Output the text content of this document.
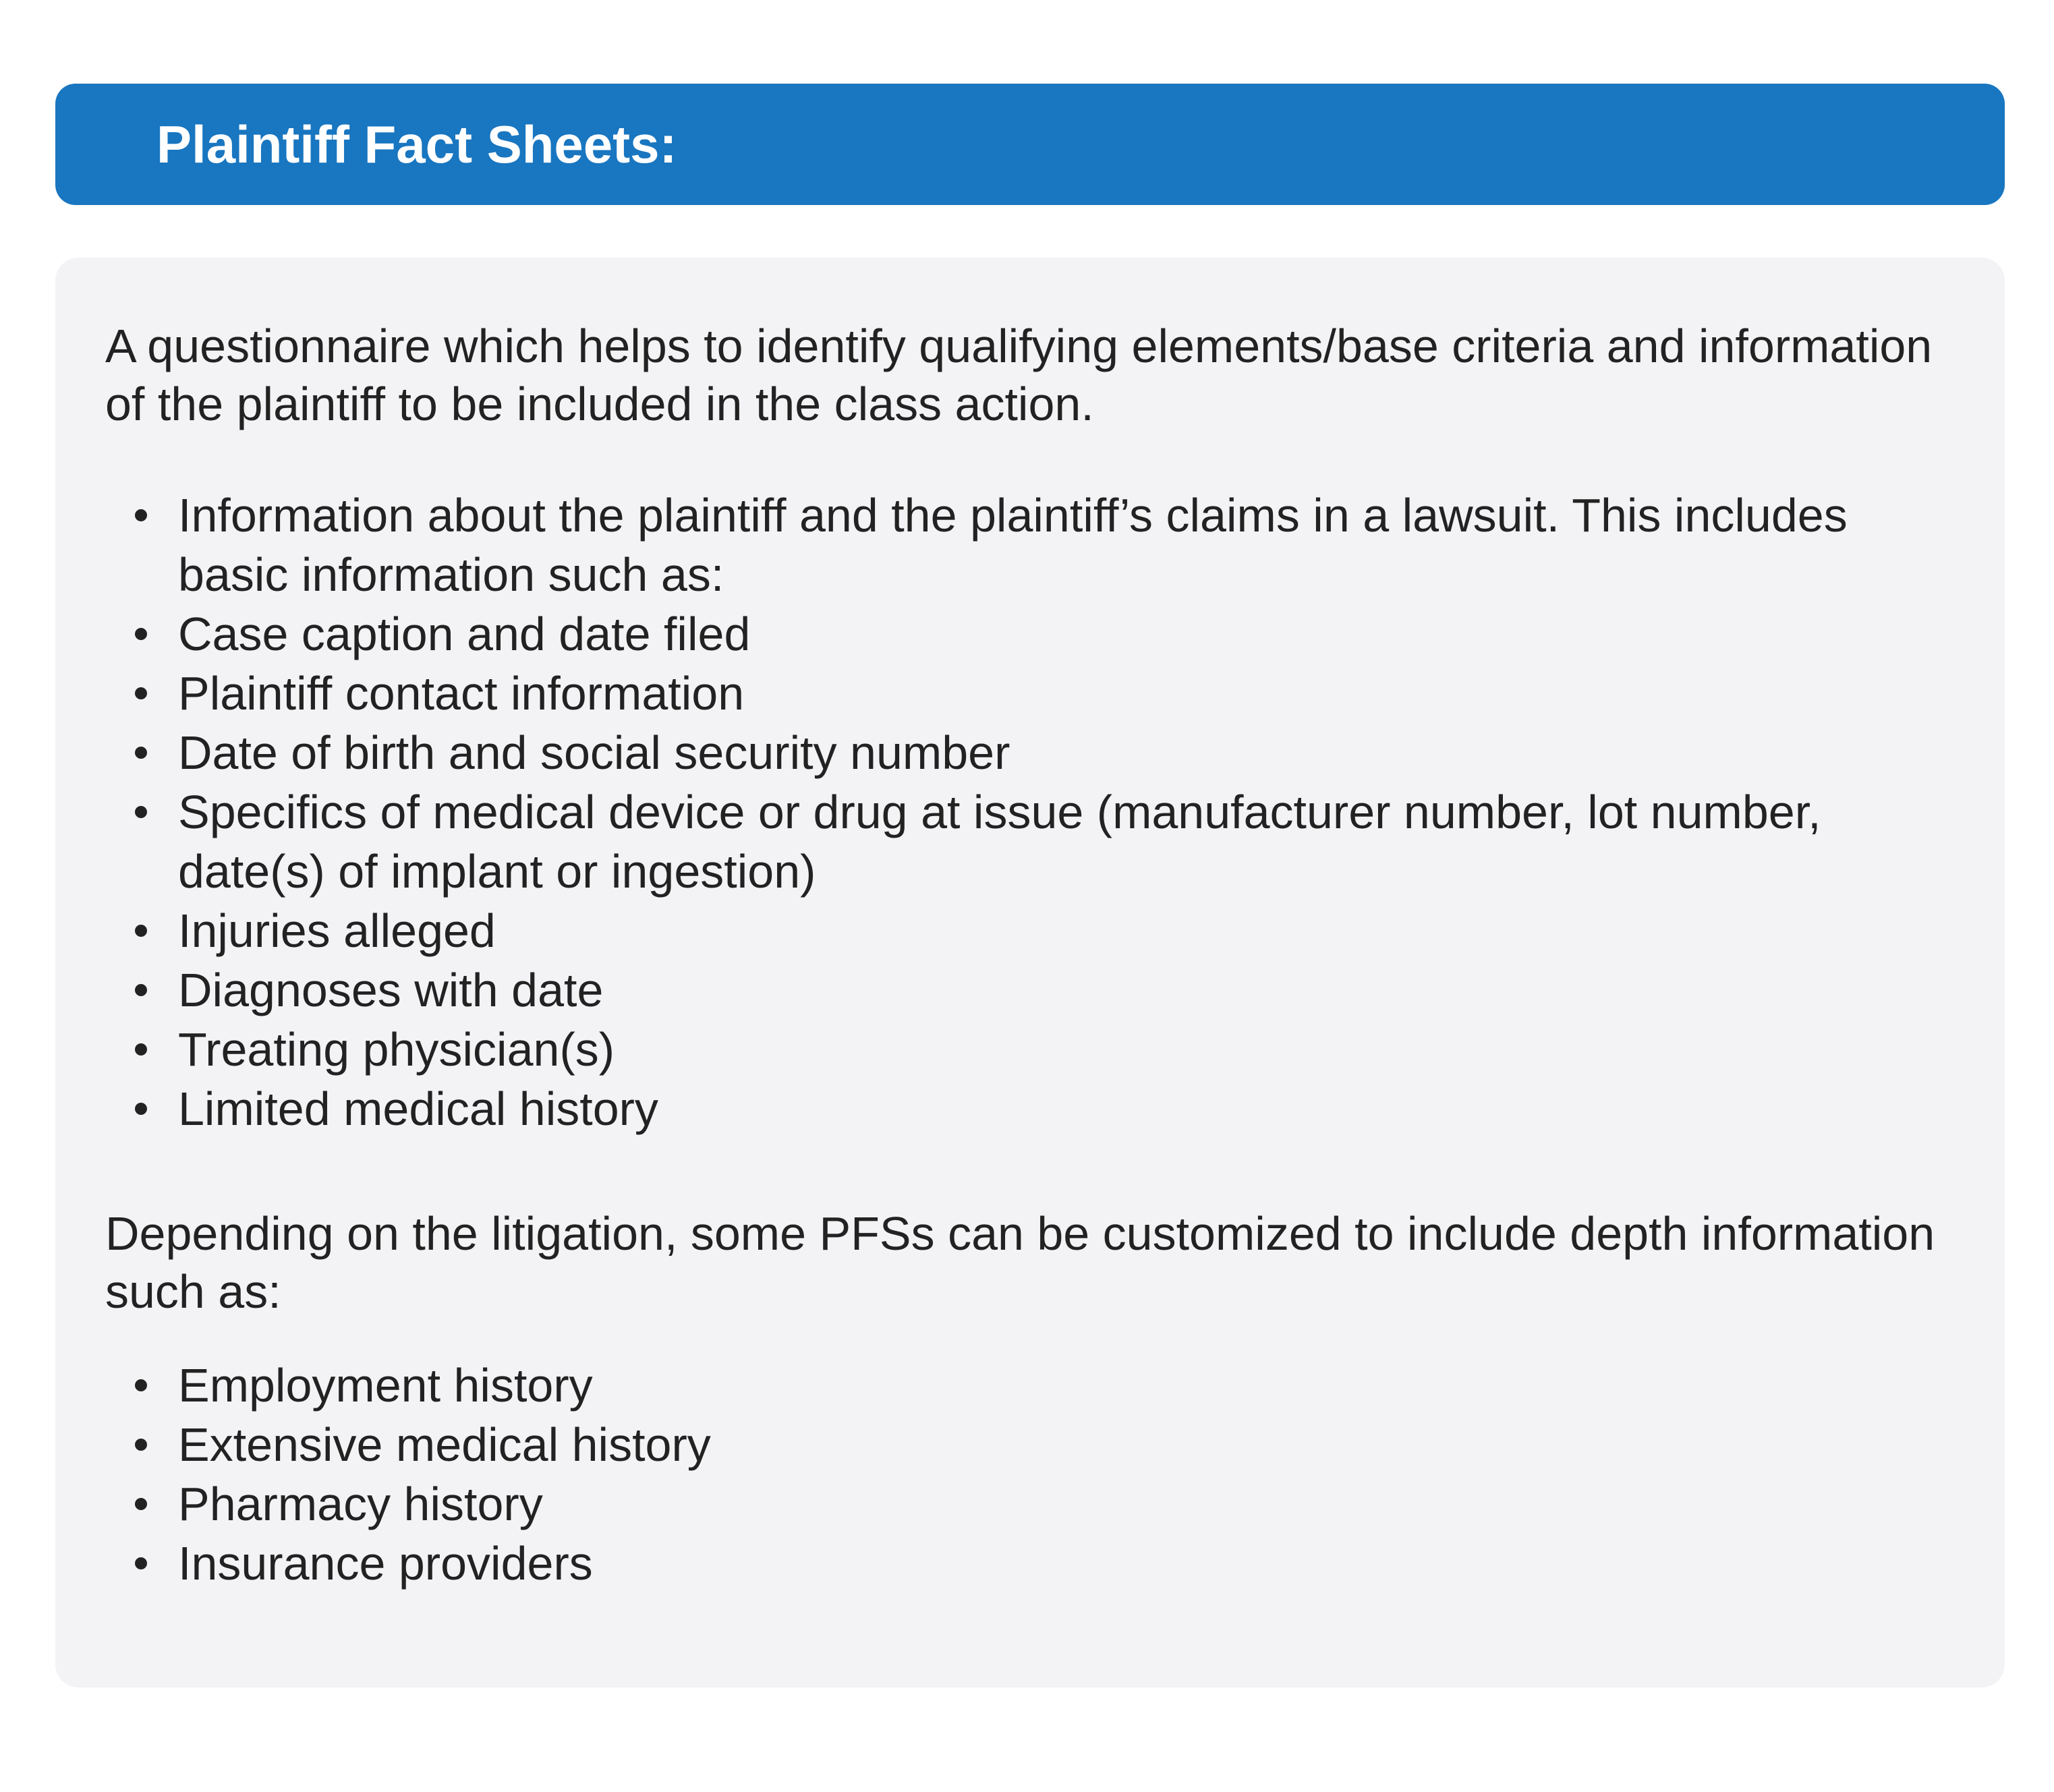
Plaintiff Fact Sheets:

A questionnaire which helps to identify qualifying elements/base criteria and information of the plaintiff to be included in the class action.

Information about the plaintiff and the plaintiff’s claims in a lawsuit. This includes basic information such as:
Case caption and date filed
Plaintiff contact information
Date of birth and social security number
Specifics of medical device or drug at issue (manufacturer number, lot number, date(s) of implant or ingestion)
Injuries alleged
Diagnoses with date
Treating physician(s)
Limited medical history

Depending on the litigation, some PFSs can be customized to include depth information such as:

Employment history
Extensive medical history
Pharmacy history
Insurance providers
